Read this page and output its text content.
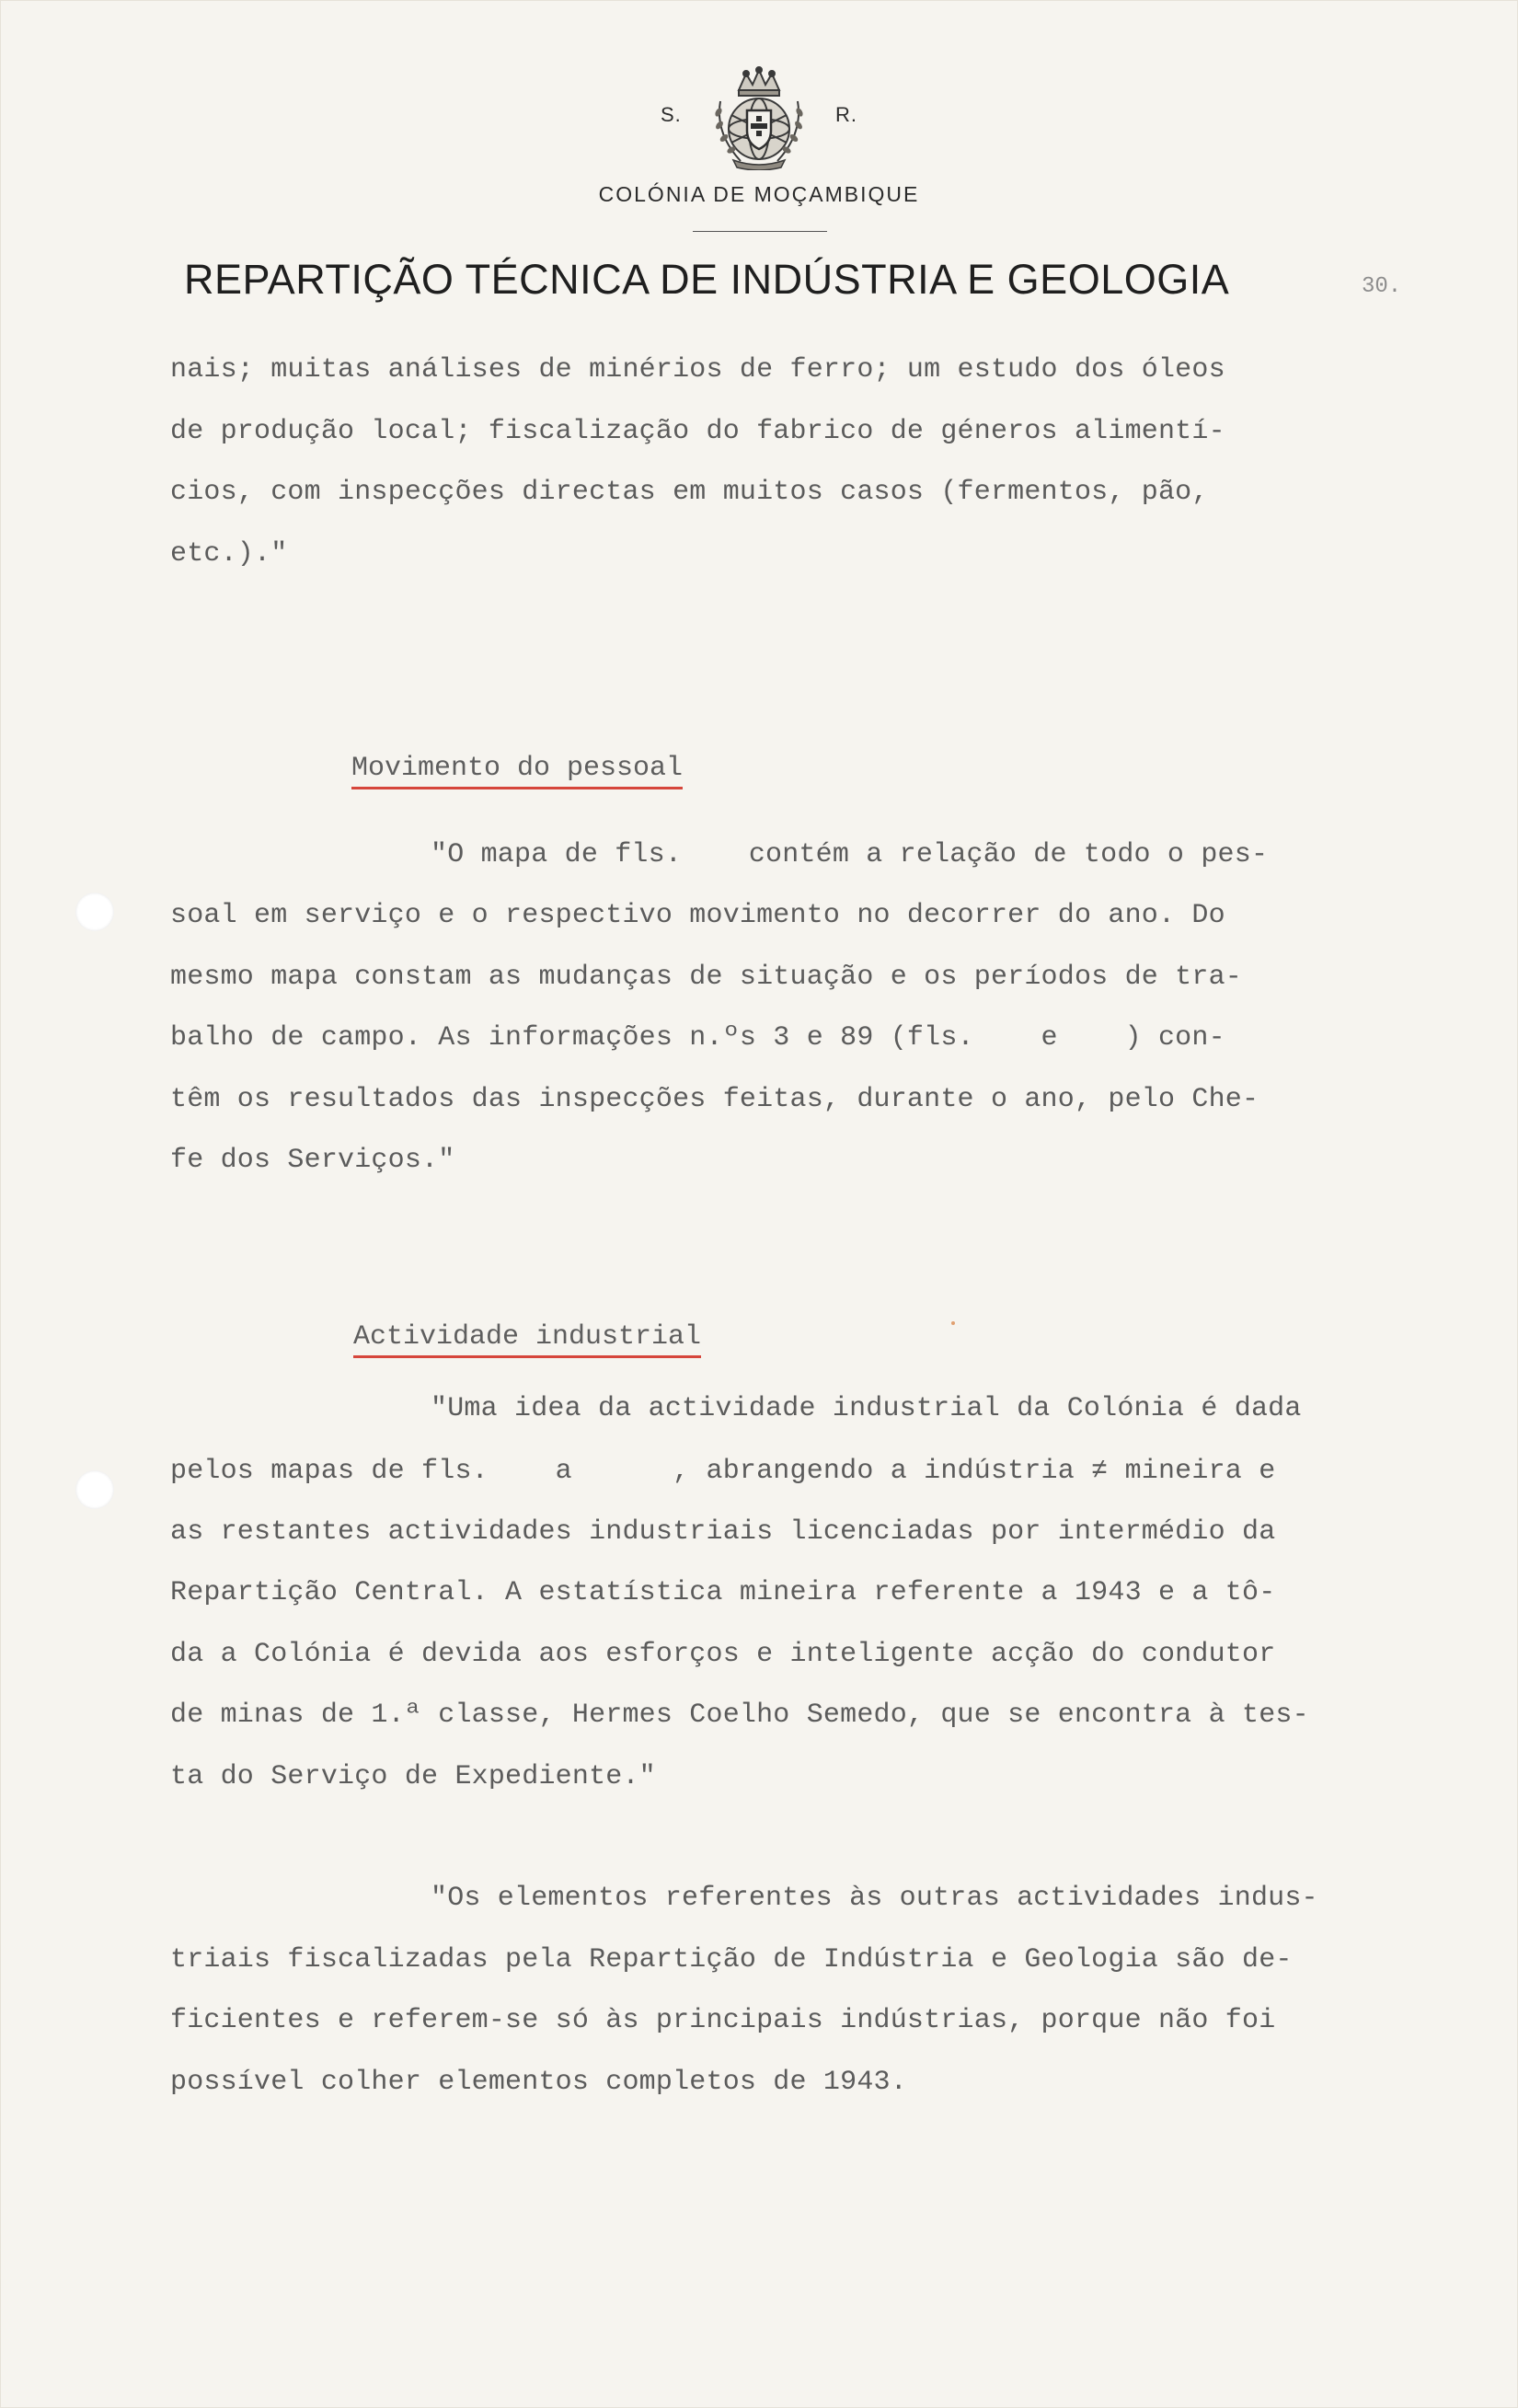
S.	R.
COLÓNIA DE MOÇAMBIQUE
REPARTIÇÃO TÉCNICA DE INDÚSTRIA E GEOLOGIA	30.
nais; muitas análises de minérios de ferro; um estudo dos óleos
de produção local; fiscalização do fabrico de géneros alimentí-
cios, com inspecções directas em muitos casos (fermentos, pão,
etc.)."
Movimento do pessoal
"O mapa de fls.    contém a relação de todo o pes-
soal em serviço e o respectivo movimento no decorrer do ano. Do
mesmo mapa constam as mudanças de situação e os períodos de tra-
balho de campo. As informações n.ºs 3 e 89 (fls.    e    ) con-
têm os resultados das inspecções feitas, durante o ano, pelo Che-
fe dos Serviços."
Actividade industrial
"Uma idea da actividade industrial da Colónia é dada
pelos mapas de fls.    a      , abrangendo a indústria ≠ mineira e
as restantes actividades industriais licenciadas por intermédio da
Repartição Central. A estatística mineira referente a 1943 e a tô-
da a Colónia é devida aos esforços e inteligente acção do condutor
de minas de 1.ª classe, Hermes Coelho Semedo, que se encontra à tes-
ta do Serviço de Expediente."
"Os elementos referentes às outras actividades indus-
triais fiscalizadas pela Repartição de Indústria e Geologia são de-
ficientes e referem-se só às principais indústrias, porque não foi
possível colher elementos completos de 1943.
